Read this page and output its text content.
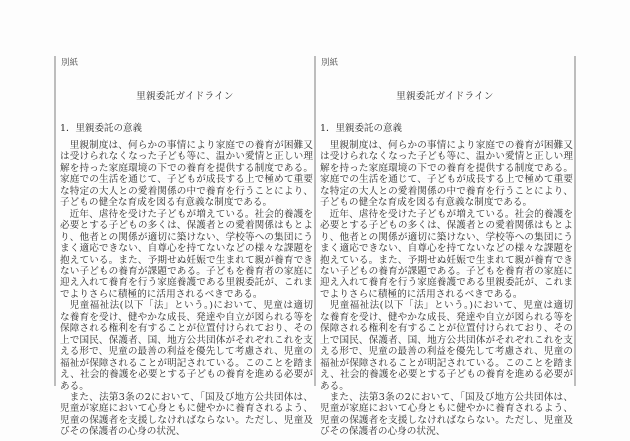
別紙
里親委託ガイドライン
1．里親委託の意義

里親制度は、何らかの事情により家庭での養育が困難又は受けられなくなった子ども等に、温かい愛情と正しい理解を持った家庭環境の下での養育を提供する制度である。家庭での生活を通じて、子どもが成長する上で極めて重要な特定の大人との愛着関係の中で養育を行うことにより、子どもの健全な育成を図る有意義な制度である。

近年、虐待を受けた子どもが増えている。社会的養護を必要とする子どもの多くは、保護者との愛着関係はもとより、他者との関係が適切に築けない、学校等への集団にうまく適応できない、自尊心を持てないなどの様々な課題を抱えている。また、予期せぬ妊娠で生まれて親が養育できない子どもの養育が課題である。子どもを養育者の家庭に迎え入れて養育を行う家庭養護である里親委託が、これまでよりさらに積極的に活用されるべきである。

児童福祉法(以下「法」という。)において、児童は適切な養育を受け、健やかな成長、発達や自立が図られる等を保障される権利を有することが位置付けられており、その上で国民、保護者、国、地方公共団体がそれぞれこれを支える形で、児童の最善の利益を優先して考慮され、児童の福祉が保障されることが明記されている。このことを踏まえ、社会的養護を必要とする子どもの養育を進める必要がある。

また、法第3条の2において、「国及び地方公共団体は、児童が家庭において心身ともに健やかに養育されるよう、児童の保護者を支援しなければならない。ただし、児童及びその保護者の心身の状況、

別紙
里親委託ガイドライン
1．里親委託の意義

里親制度は、何らかの事情により家庭での養育が困難又は受けられなくなった子ども等に、温かい愛情と正しい理解を持った家庭環境の下での養育を提供する制度である。家庭での生活を通じて、子どもが成長する上で極めて重要な特定の大人との愛着関係の中で養育を行うことにより、子どもの健全な育成を図る有意義な制度である。

近年、虐待を受けた子どもが増えている。社会的養護を必要とする子どもの多くは、保護者との愛着関係はもとより、他者との関係が適切に築けない、学校等への集団にうまく適応できない、自尊心を持てないなどの様々な課題を抱えている。また、予期せぬ妊娠で生まれて親が養育できない子どもの養育が課題である。子どもを養育者の家庭に迎え入れて養育を行う家庭養護である里親委託が、これまでよりさらに積極的に活用されるべきである。

児童福祉法(以下「法」という。)において、児童は適切な養育を受け、健やかな成長、発達や自立が図られる等を保障される権利を有することが位置付けられており、その上で国民、保護者、国、地方公共団体がそれぞれこれを支える形で、児童の最善の利益を優先して考慮され、児童の福祉が保障されることが明記されている。このことを踏まえ、社会的養護を必要とする子どもの養育を進める必要がある。

また、法第3条の2において、「国及び地方公共団体は、児童が家庭において心身ともに健やかに養育されるよう、児童の保護者を支援しなければならない。ただし、児童及びその保護者の心身の状況、
